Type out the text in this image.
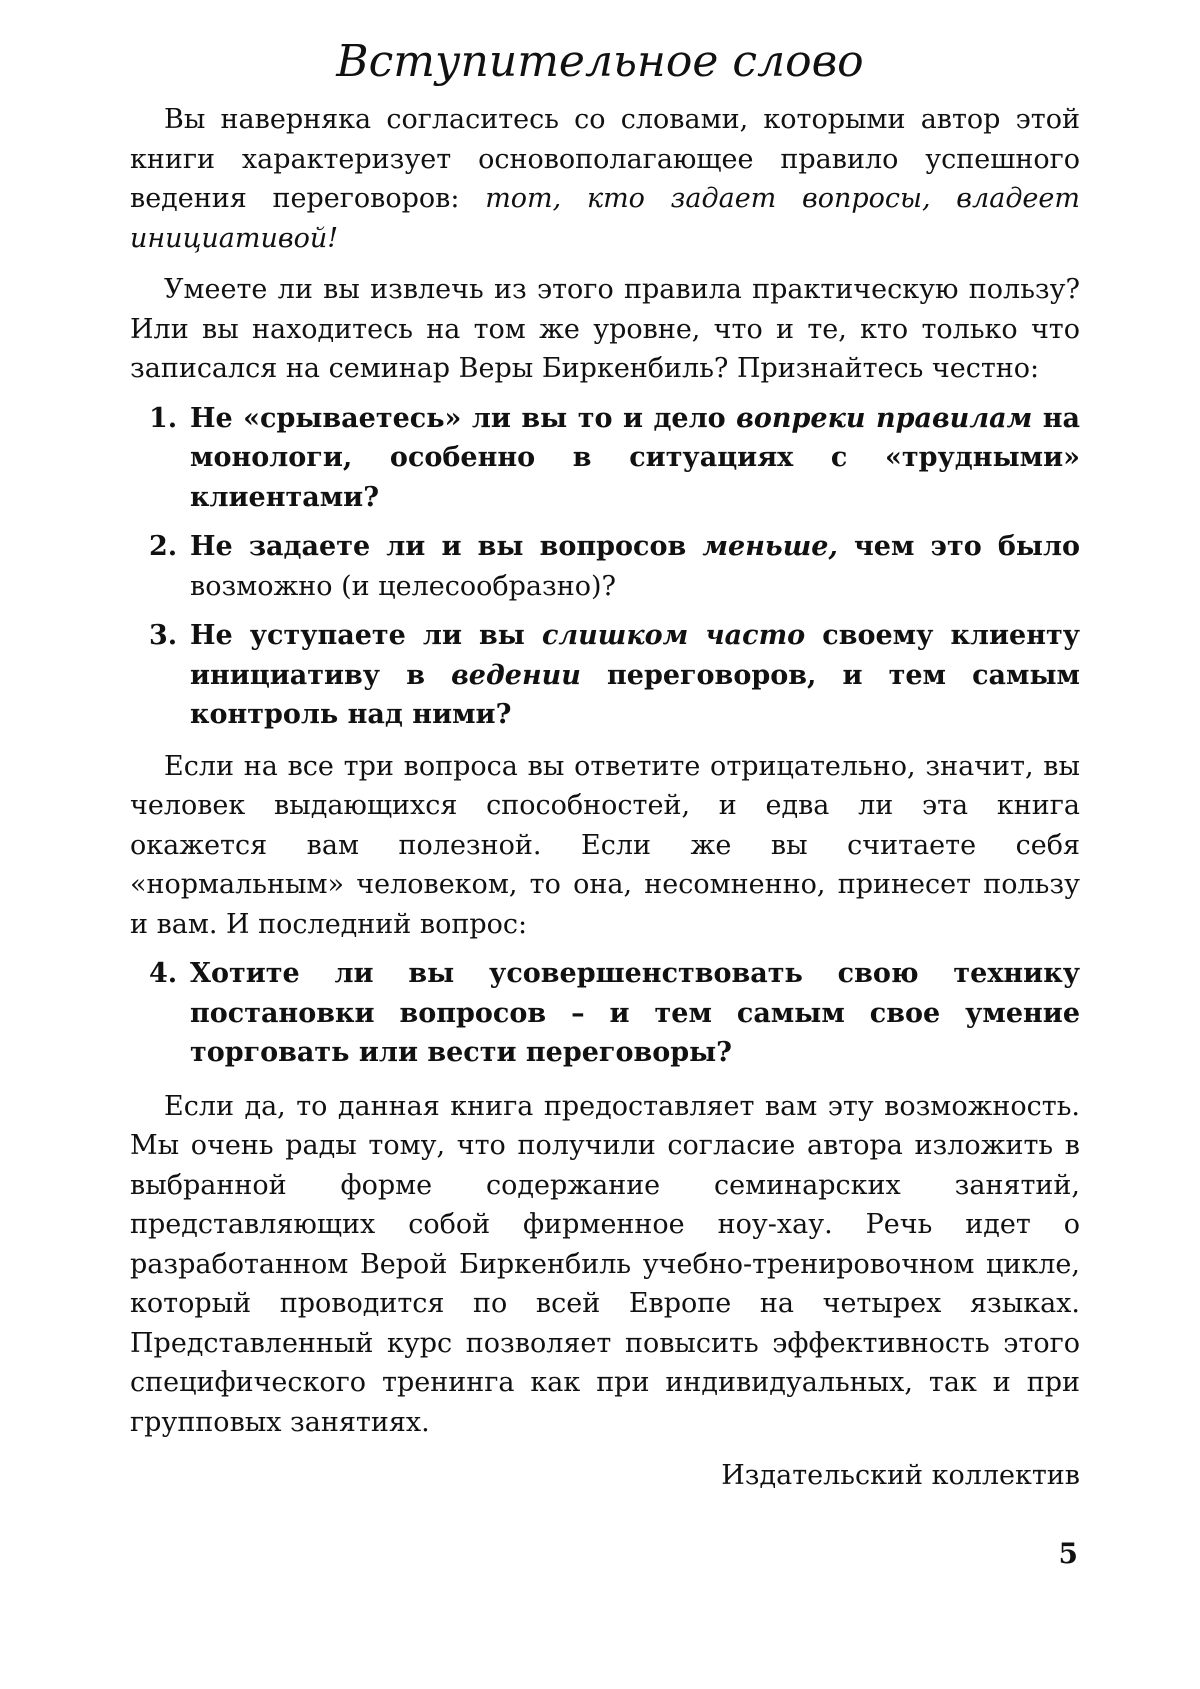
Вступительное слово

Вы наверняка согласитесь со словами, которыми автор этой книги характеризует основополагающее правило успешного ведения переговоров: тот, кто задает вопросы, владеет инициативой!

Умеете ли вы извлечь из этого правила практическую пользу? Или вы находитесь на том же уровне, что и те, кто только что записался на семинар Веры Биркенбиль? Признайтесь честно:

1. Не «срываетесь» ли вы то и дело вопреки правилам на монологи, особенно в ситуациях с «трудными» клиентами?
2. Не задаете ли и вы вопросов меньше, чем это было возможно (и целесообразно)?
3. Не уступаете ли вы слишком часто своему клиенту инициативу в ведении переговоров, и тем самым контроль над ними?

Если на все три вопроса вы ответите отрицательно, значит, вы человек выдающихся способностей, и едва ли эта книга окажется вам полезной. Если же вы считаете себя «нормальным» человеком, то она, несомненно, принесет пользу и вам. И последний вопрос:

4. Хотите ли вы усовершенствовать свою технику постановки вопросов – и тем самым свое умение торговать или вести переговоры?

Если да, то данная книга предоставляет вам эту возможность. Мы очень рады тому, что получили согласие автора изложить в выбранной форме содержание семинарских занятий, представляющих собой фирменное ноу-хау. Речь идет о разработанном Верой Биркенбиль учебно-тренировочном цикле, который проводится по всей Европе на четырех языках. Представленный курс позволяет повысить эффективность этого специфического тренинга как при индивидуальных, так и при групповых занятиях.

Издательский коллектив
5
